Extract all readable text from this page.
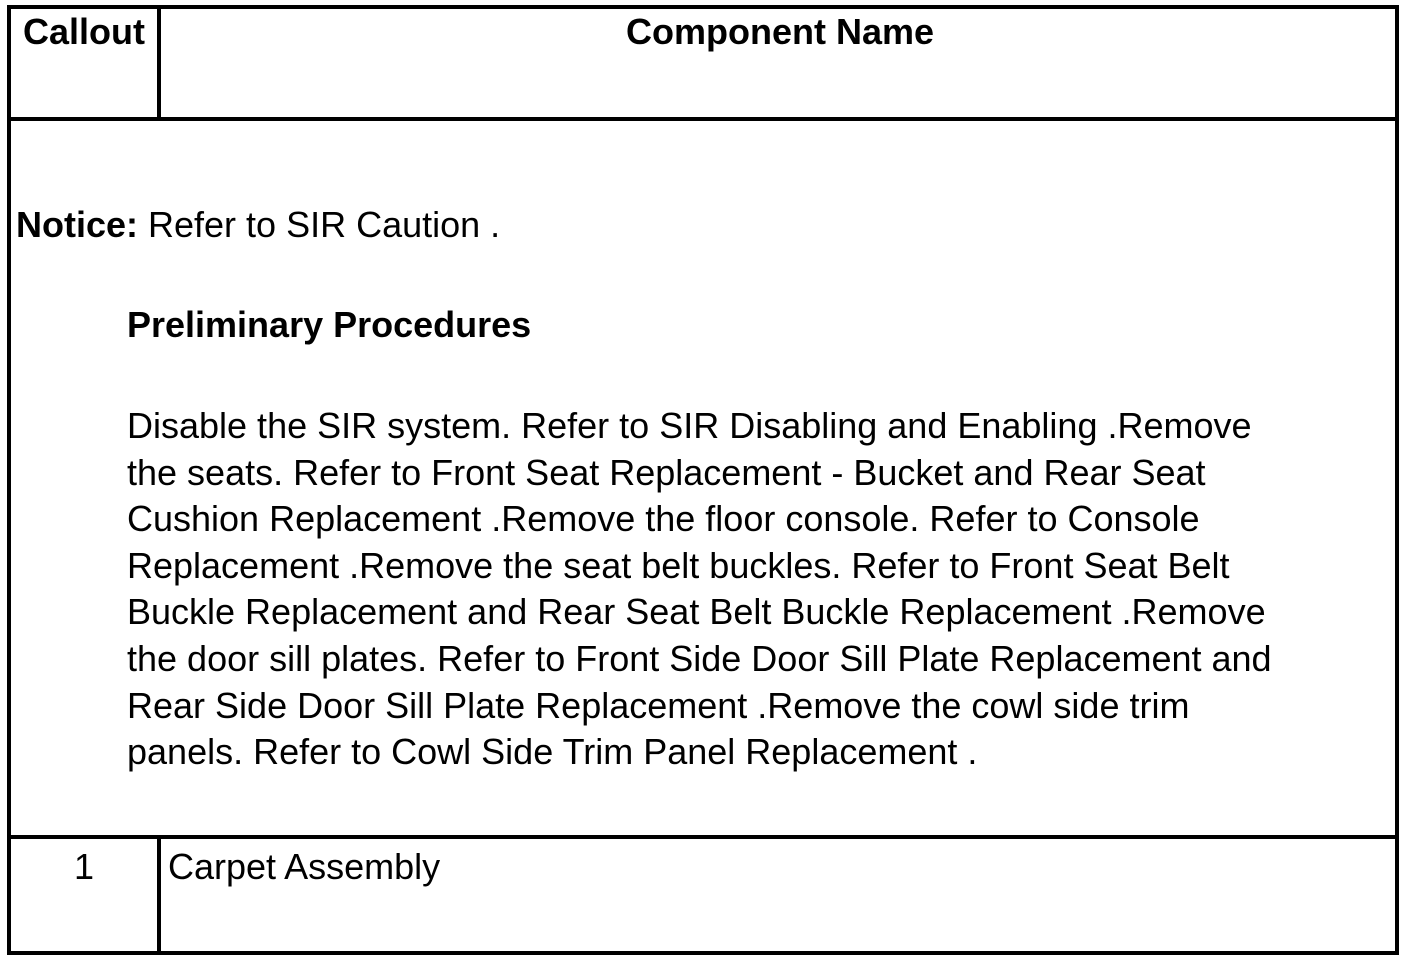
Callout	Component Name
Notice: Refer to SIR Caution .
Preliminary Procedures
Disable the SIR system. Refer to SIR Disabling and Enabling .Remove
the seats. Refer to Front Seat Replacement - Bucket and Rear Seat
Cushion Replacement .Remove the floor console. Refer to Console
Replacement .Remove the seat belt buckles. Refer to Front Seat Belt
Buckle Replacement and Rear Seat Belt Buckle Replacement .Remove
the door sill plates. Refer to Front Side Door Sill Plate Replacement and
Rear Side Door Sill Plate Replacement .Remove the cowl side trim
panels. Refer to Cowl Side Trim Panel Replacement .
1	Carpet Assembly
